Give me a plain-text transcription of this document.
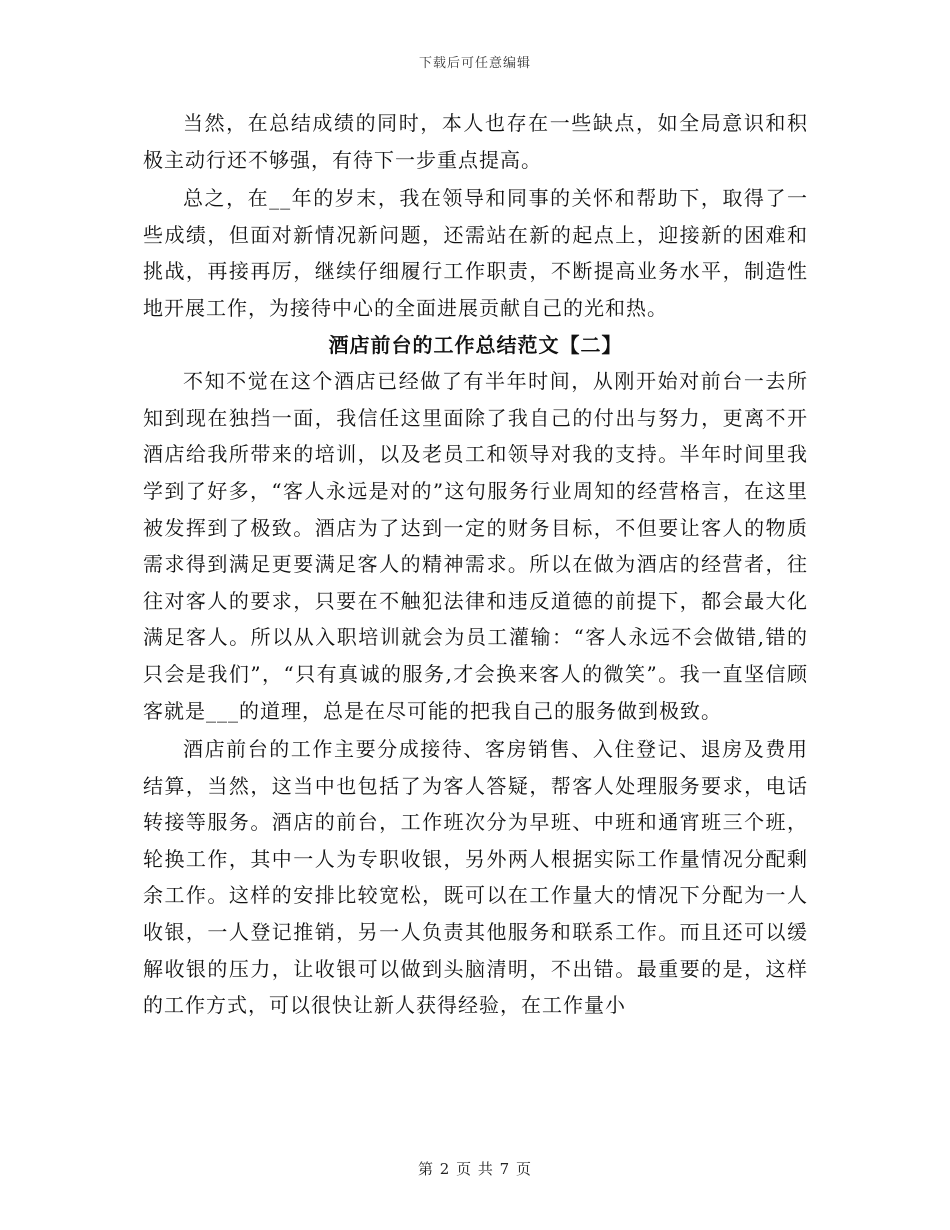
下载后可任意编辑

当然，在总结成绩的同时，本人也存在一些缺点，如全局意识和积极主动行还不够强，有待下一步重点提高。

总之，在__年的岁末，我在领导和同事的关怀和帮助下，取得了一些成绩，但面对新情况新问题，还需站在新的起点上，迎接新的困难和挑战，再接再厉，继续仔细履行工作职责，不断提高业务水平，制造性地开展工作，为接待中心的全面进展贡献自己的光和热。

酒店前台的工作总结范文【二】

不知不觉在这个酒店已经做了有半年时间，从刚开始对前台一去所知到现在独挡一面，我信任这里面除了我自己的付出与努力，更离不开酒店给我所带来的培训，以及老员工和领导对我的支持。半年时间里我学到了好多，“客人永远是对的”这句服务行业周知的经营格言，在这里被发挥到了极致。酒店为了达到一定的财务目标，不但要让客人的物质需求得到满足更要满足客人的精神需求。所以在做为酒店的经营者，往往对客人的要求，只要在不触犯法律和违反道德的前提下，都会最大化满足客人。所以从入职培训就会为员工灌输：“客人永远不会做错,错的只会是我们”，“只有真诚的服务,才会换来客人的微笑”。我一直坚信顾客就是___的道理，总是在尽可能的把我自己的服务做到极致。

酒店前台的工作主要分成接待、客房销售、入住登记、退房及费用结算，当然，这当中也包括了为客人答疑，帮客人处理服务要求，电话转接等服务。酒店的前台，工作班次分为早班、中班和通宵班三个班，轮换工作，其中一人为专职收银，另外两人根据实际工作量情况分配剩余工作。这样的安排比较宽松，既可以在工作量大的情况下分配为一人收银，一人登记推销，另一人负责其他服务和联系工作。而且还可以缓解收银的压力，让收银可以做到头脑清明，不出错。最重要的是，这样的工作方式，可以很快让新人获得经验，在工作量小

第 2 页 共 7 页
